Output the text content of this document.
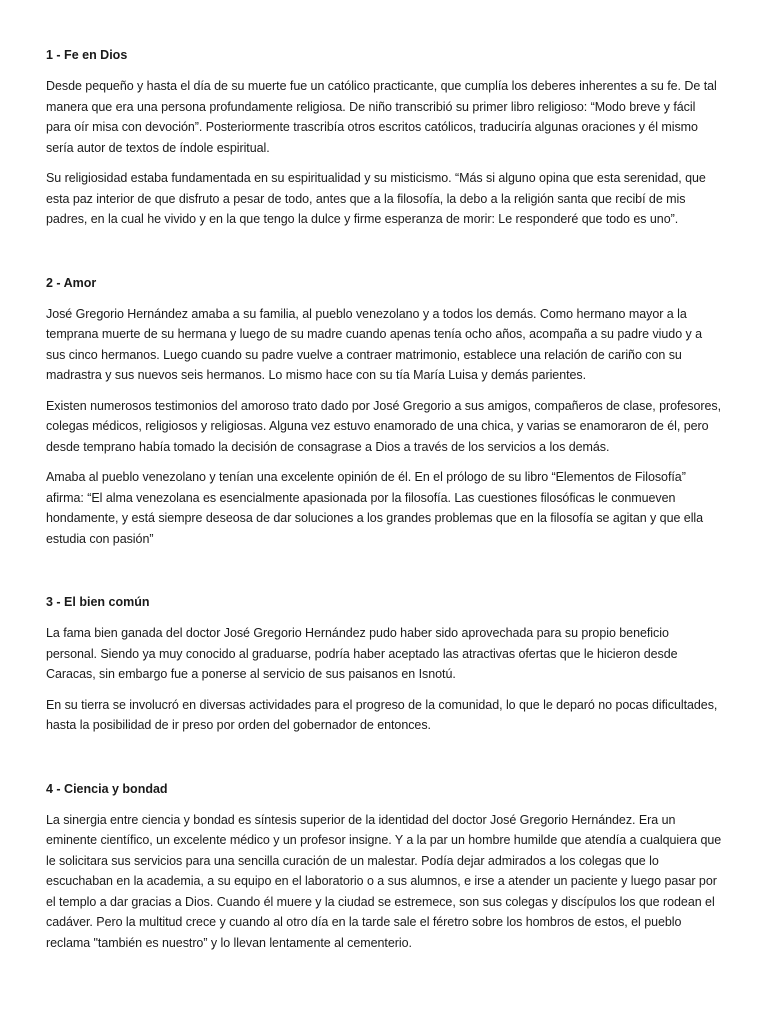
1 - Fe en Dios

Desde pequeño y hasta el día de su muerte fue un católico practicante, que cumplía los deberes inherentes a su fe. De tal manera que era una persona profundamente religiosa. De niño transcribió su primer libro religioso: “Modo breve y fácil para oír misa con devoción”. Posteriormente trascribía otros escritos católicos, traduciría algunas oraciones y él mismo sería autor de textos de índole espiritual.

Su religiosidad estaba fundamentada en su espiritualidad y su misticismo. “Más si alguno opina que esta serenidad, que esta paz interior de que disfruto a pesar de todo, antes que a la filosofía, la debo a la religión santa que recibí de mis padres, en la cual he vivido y en la que tengo la dulce y firme esperanza de morir: Le responderé que todo es uno”.

2 - Amor

José Gregorio Hernández amaba a su familia, al pueblo venezolano y a todos los demás. Como hermano mayor a la temprana muerte de su hermana y luego de su madre cuando apenas tenía ocho años, acompaña a su padre viudo y a sus cinco hermanos. Luego cuando su padre vuelve a contraer matrimonio, establece una relación de cariño con su madrastra y sus nuevos seis hermanos. Lo mismo hace con su tía María Luisa y demás parientes.

Existen numerosos testimonios del amoroso trato dado por José Gregorio a sus amigos, compañeros de clase, profesores, colegas médicos, religiosos y religiosas. Alguna vez estuvo enamorado de una chica, y varias se enamoraron de él, pero desde temprano había tomado la decisión de consagrase a Dios a través de los servicios a los demás.

Amaba al pueblo venezolano y tenían una excelente opinión de él. En el prólogo de su libro “Elementos de Filosofía” afirma: “El alma venezolana es esencialmente apasionada por la filosofía. Las cuestiones filosóficas le conmueven hondamente, y está siempre deseosa de dar soluciones a los grandes problemas que en la filosofía se agitan y que ella estudia con pasión”

3 - El bien común

La fama bien ganada del doctor José Gregorio Hernández pudo haber sido aprovechada para su propio beneficio personal. Siendo ya muy conocido al graduarse, podría haber aceptado las atractivas ofertas que le hicieron desde Caracas, sin embargo fue a ponerse al servicio de sus paisanos en Isnotú.

En su tierra se involucró en diversas actividades para el progreso de la comunidad, lo que le deparó no pocas dificultades, hasta la posibilidad de ir preso por orden del gobernador de entonces.

4 - Ciencia y bondad

La sinergia entre ciencia y bondad es síntesis superior de la identidad del doctor José Gregorio Hernández. Era un eminente científico, un excelente médico y un profesor insigne. Y a la par un hombre humilde que atendía a cualquiera que le solicitara sus servicios para una sencilla curación de un malestar. Podía dejar admirados a los colegas que lo escuchaban en la academia, a su equipo en el laboratorio o a sus alumnos, e irse a atender un paciente y luego pasar por el templo a dar gracias a Dios. Cuando él muere y la ciudad se estremece, son sus colegas y discípulos los que rodean el cadáver. Pero la multitud crece y cuando al otro día en la tarde sale el féretro sobre los hombros de estos, el pueblo reclama "también es nuestro” y lo llevan lentamente al cementerio.
